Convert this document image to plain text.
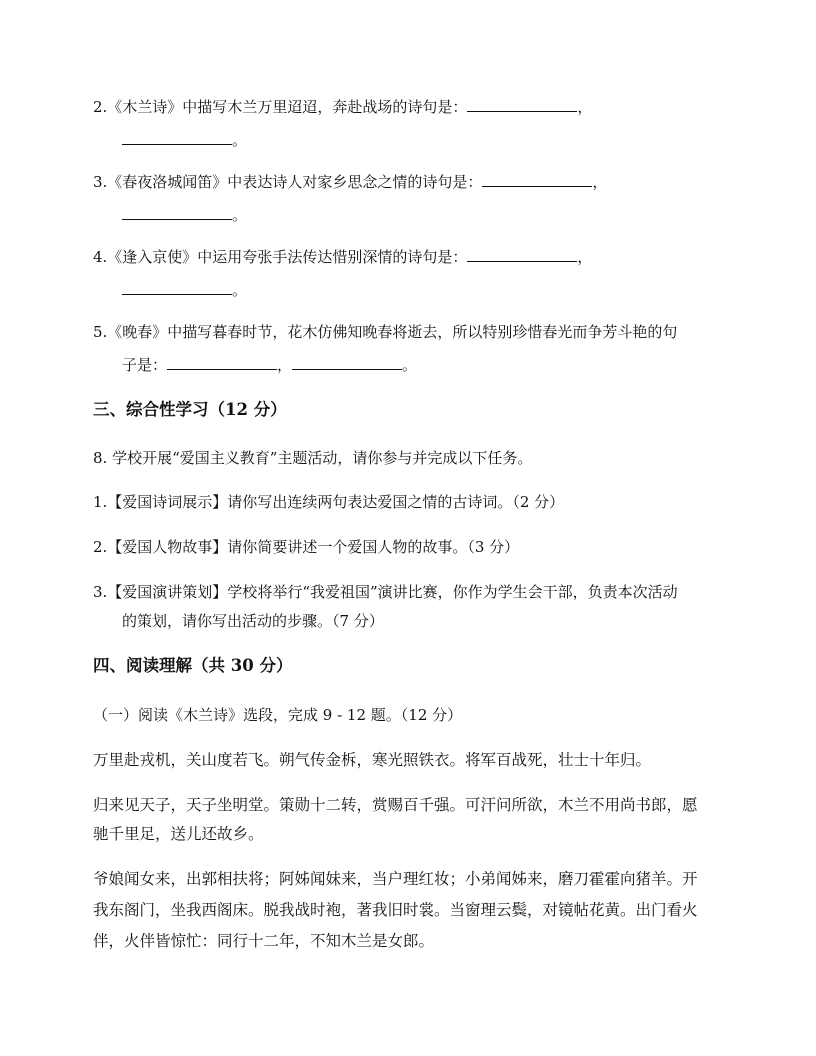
2.《木兰诗》中描写木兰万里迢迢，奔赴战场的诗句是：	，
。
3.《春夜洛城闻笛》中表达诗人对家乡思念之情的诗句是：	，
。
4.《逢入京使》中运用夸张手法传达惜别深情的诗句是：	，
。
5.《晚春》中描写暮春时节，花木仿佛知晚春将逝去，所以特别珍惜春光而争芳斗艳的句
子是：	，	。
三、综合性学习（12 分）
8. 学校开展“爱国主义教育”主题活动，请你参与并完成以下任务。
1.【爱国诗词展示】请你写出连续两句表达爱国之情的古诗词。（2 分）
2.【爱国人物故事】请你简要讲述一个爱国人物的故事。（3 分）
3.【爱国演讲策划】学校将举行“我爱祖国”演讲比赛，你作为学生会干部，负责本次活动
的策划，请你写出活动的步骤。（7 分）
四、阅读理解（共 30 分）
（一）阅读《木兰诗》选段，完成 9 - 12 题。（12 分）
万里赴戎机，关山度若飞。朔气传金柝，寒光照铁衣。将军百战死，壮士十年归。
归来见天子，天子坐明堂。策勋十二转，赏赐百千强。可汗问所欲，木兰不用尚书郎，愿
驰千里足，送儿还故乡。
爷娘闻女来，出郭相扶将；阿姊闻妹来，当户理红妆；小弟闻姊来，磨刀霍霍向猪羊。开
我东阁门，坐我西阁床。脱我战时袍，著我旧时裳。当窗理云鬓，对镜帖花黄。出门看火
伴，火伴皆惊忙：同行十二年，不知木兰是女郎。
